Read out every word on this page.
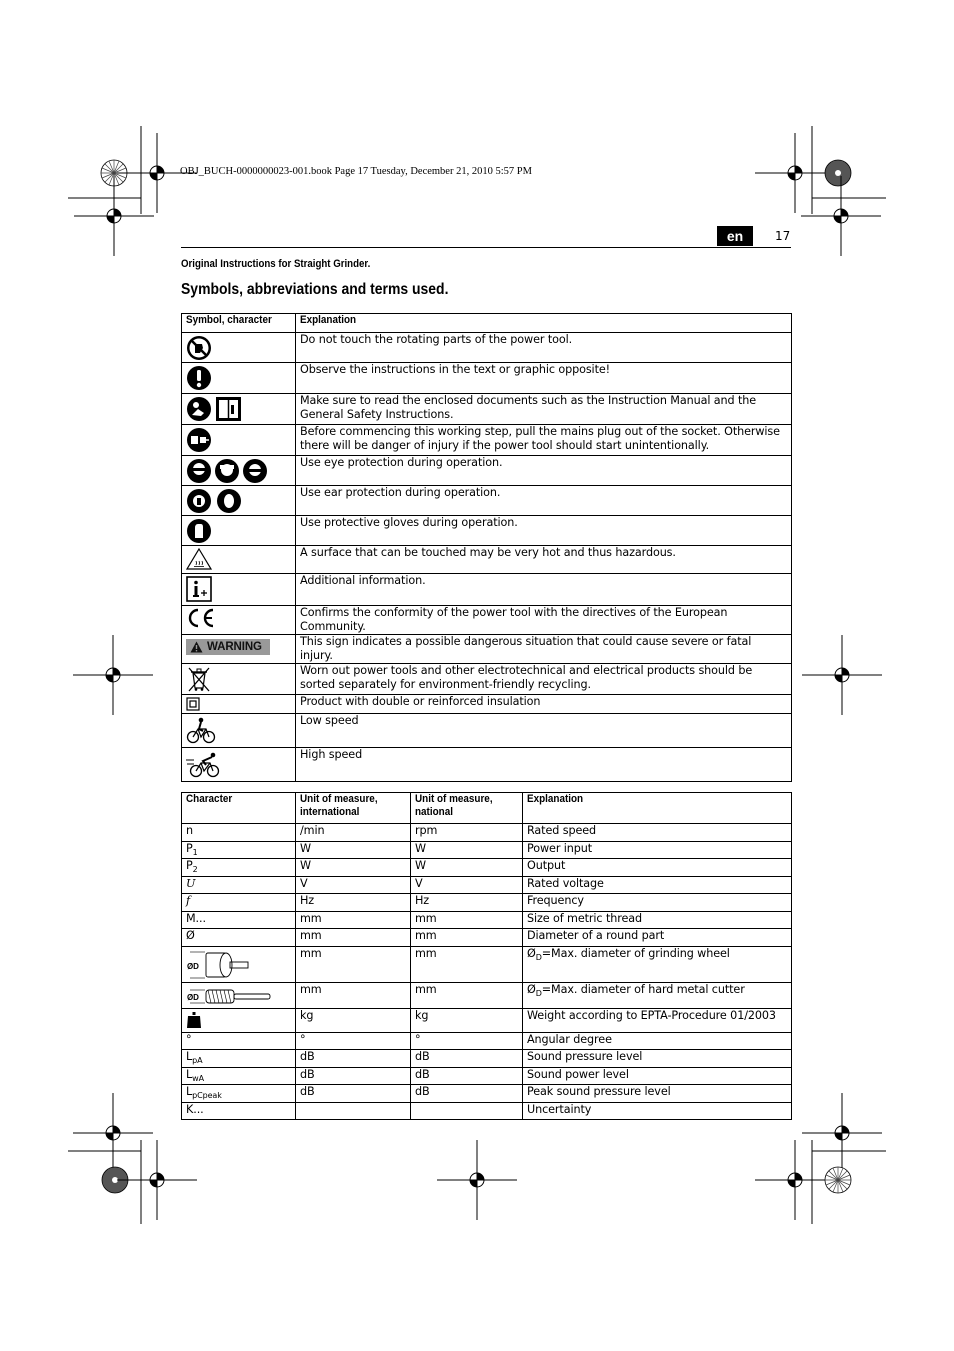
OBJ_BUCH-0000000023-001.book Page 17 Tuesday, December 21, 2010 5:57 PM
en	17
Original Instructions for Straight Grinder.
Symbols, abbreviations and terms used.
Symbol, character	Explanation

	Do not touch the rotating parts of the power tool.

	Observe the instructions in the text or graphic opposite!

	Make sure to read the enclosed documents such as the Instruction Manual and the General Safety Instructions.

	Before commencing this working step, pull the mains plug out of the socket. Otherwise there will be danger of injury if the power tool should start unintentionally.

	Use eye protection during operation.

	Use ear protection during operation.

	Use protective gloves during operation.

	A surface that can be touched may be very hot and thus hazardous.

	Additional information.

	Confirms the conformity of the power tool with the directives of the European Community.

WARNING	This sign indicates a possible dangerous situation that could cause severe or fatal injury.

	Worn out power tools and other electrotechnical and electrical products should be sorted separately for environment-friendly recycling.

	Product with double or reinforced insulation

	Low speed

	High speed
Character	Unit of measure, international	Unit of measure, national	Explanation
n	/min	rpm	Rated speed
$P_1$	W	W	Power input
$P_2$	W	W	Output
U	V	V	Rated voltage
f	Hz	Hz	Frequency
M...	mm	mm	Size of metric thread
Ø	mm	mm	Diameter of a round part

ØD	mm	mm	$Ø_D=Max$. diameter of grinding wheel

ØD	mm	mm	$Ø_D=Max$. diameter of hard metal cutter

	kg	kg	Weight according to EPTA-Procedure 01/2003
°	°	°	Angular degree
$L_{pA}$	dB	dB	Sound pressure level
$L_{wA}$	dB	dB	Sound power level
$L_{pCpeak}$	dB	dB	Peak sound pressure level
K...			Uncertainty
